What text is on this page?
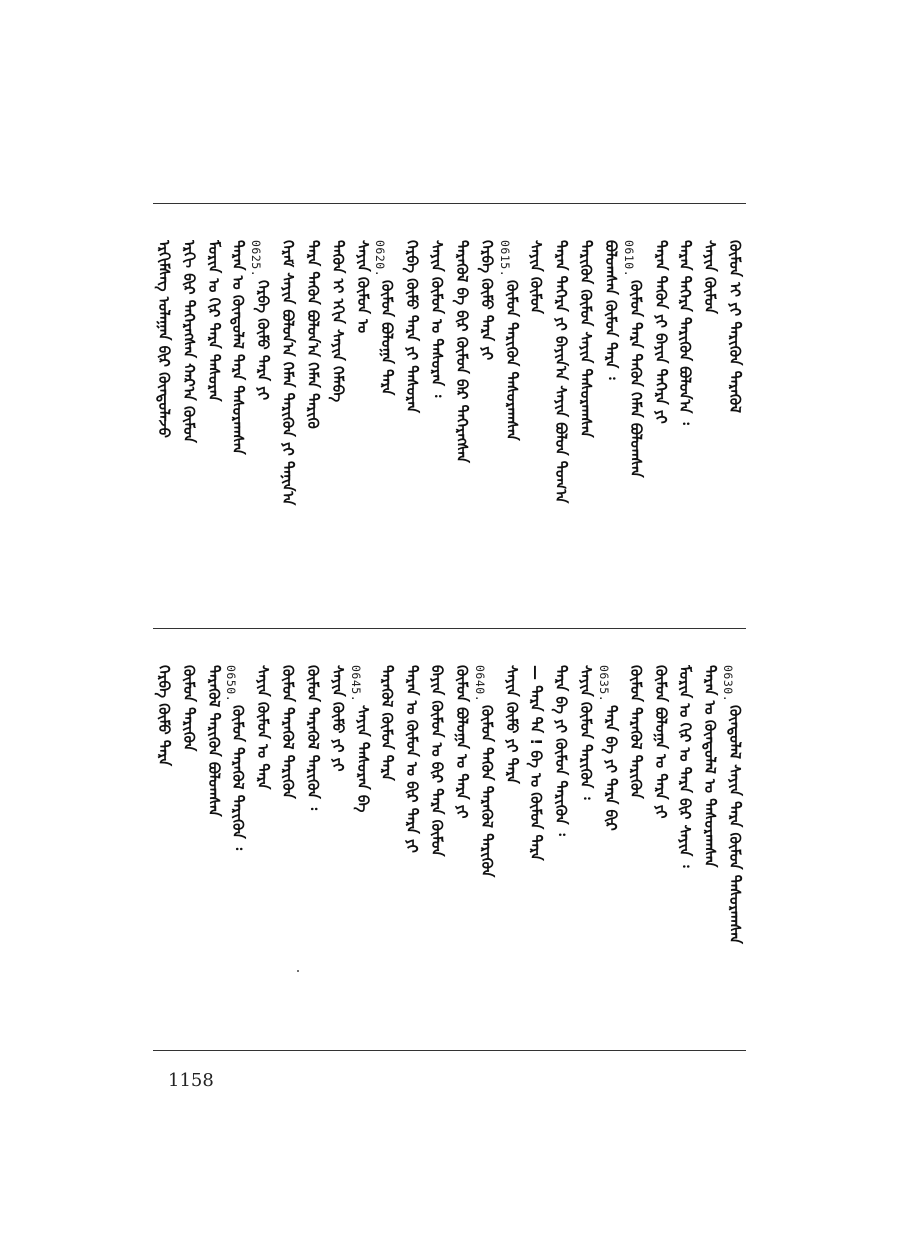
ᠡᠷᠬᠢᠮᠰᠡᠭ ᠤᠯᠠᠭᠠᠨ ᠪᠢᠷ ᠬᠦᠨᠳᠦᠯᠡᠵᠦ ᠡᠷᠬᠢ ᠪᠢᠷ ᠳᠡᠭᠡᠷᠡᠭᠰᠡᠨ ᠬᠠᠷ᠎ᠠ ᠬᠦᠮᠦᠨ ᠮᠣᠷᠢᠨ ᠤ ᠬᠢᠷ ᠲᠡᠷᠡ ᠲᠠᠰᠤᠷᠠᠨ ᠲᠡᠷᠡᠨ ᠤ ᠬᠦᠨᠳᠦᠯᠡᠯ ᠲᠡᠷᠡ ᠲᠠᠰᠤᠷᠠᠭᠰᠠᠨ 0625.
ᠬᠡᠷᠪᠡ ᠬᠦᠮᠦ ᠲᠡᠷᠡ ᠶᠢ ᠬᠡᠷᠡᠮ ᠰᠠᠶᠢᠨ ᠪᠣᠯᠤᠨ᠎ᠠ ᠬᠡᠮᠡᠨ ᠲᠡᠷᠢᠭᠦᠨ ᠶᠢ ᠲᠠᠨᠢᠨ᠎ᠠ ᠲᠡᠷᠡ ᠲᠡᠭᠦᠨ ᠪᠣᠯᠤᠨ᠎ᠠ ᠬᠡᠮᠡᠨ ᠲᠡᠷᠢᠭᠦ ᠲᠡᠭᠦᠨ ᠢ ᠡᠬᠢᠨ ᠰᠠᠶᠢᠨ ᠬᠡᠮᠡᠪᠡ ᠰᠠᠶᠢᠨ ᠬᠦᠮᠦᠨ ᠤ 0620.
ᠬᠦᠮᠦᠨ ᠪᠣᠯᠤᠭ᠋ᠠ ᠲᠡᠷᠡ ᠬᠡᠷᠪᠡ ᠬᠦᠮᠦ ᠲᠡᠷᠡ ᠶᠢ ᠲᠠᠰᠤᠷᠠᠨ ᠰᠠᠶᠢᠨ ᠬᠦᠮᠦᠨ ᠤ ᠲᠠᠰᠤᠷᠠᠨ ᠄ ᠲᠡᠷᠡᠭᠦᠯ ᠪᠠ ᠪᠢᠷ ᠬᠦᠮᠦᠨ ᠪᠡᠷ ᠳᠡᠭᠡᠷᠡᠭᠰᠡᠨ ᠬᠡᠷᠪᠡ ᠬᠦᠮᠦ ᠲᠡᠷᠡ ᠶᠢ 0615.
ᠬᠦᠮᠦᠨ ᠲᠡᠷᠢᠭᠦᠨ ᠲᠠᠰᠤᠷᠠᠭᠰᠠᠨ
ᠰᠠᠶᠢᠨ ᠬᠦᠮᠦᠨ ᠲᠡᠷᠡᠨ ᠳᠡᠭᠡᠷᠡ ᠶᠢ ᠪᠠᠶᠢᠨ᠎ᠠ ᠰᠠᠶᠢᠨ ᠪᠣᠯᠤᠨ ᠲᠣᠭ᠎ᠠ ᠲᠡᠷᠢᠭᠦᠨ ᠬᠦᠮᠦᠨ ᠰᠠᠶᠢᠨ ᠲᠠᠰᠤᠷᠠᠭᠰᠠᠨ ᠪᠣᠯᠤᠭᠰᠠᠨ ᠬᠦᠮᠦᠨ ᠲᠡᠷᠡ ᠄ 0610.
ᠬᠦᠮᠦᠨ ᠲᠡᠷᠡ ᠲᠡᠭᠦᠨ ᠬᠡᠮᠡᠨ ᠪᠣᠯᠤᠭᠰᠠᠨ ᠲᠡᠷᠡᠨ ᠲᠡᠭᠦᠨ ᠶᠢ ᠪᠠᠶᠢᠨ ᠳᠡᠭᠡᠷᠡ ᠶᠢ ᠲᠡᠷᠡᠨ ᠳᠡᠭᠡᠷᠡ ᠲᠡᠷᠢᠭᠦᠨ ᠪᠣᠯᠤᠨ᠎ᠠ ᠄ ᠰᠠᠶᠢᠨ ᠬᠦᠮᠦᠨ ᠬᠦᠮᠦᠨ ᠢ ᠶᠢ ᠲᠡᠷᠢᠭᠦᠨ ᠲᠡᠷᠡᠭᠦᠯ
ᠬᠡᠷᠪᠡ ᠬᠦᠮᠦ ᠲᠡᠷᠡ ᠬᠦᠮᠦᠨ ᠲᠡᠷᠢᠭᠦᠨ ᠲᠡᠷᠡᠭᠦᠯ ᠲᠡᠷᠢᠭᠦᠨ ᠪᠣᠯᠤᠭᠰᠠᠨ 0650.
ᠬᠦᠮᠦᠨ ᠲᠡᠷᠡᠭᠦᠯ ᠲᠡᠷᠢᠭᠦᠨ ᠄ ᠰᠠᠶᠢᠨ ᠬᠦᠮᠦᠨ ᠤ ᠲᠡᠷᠡ ᠬᠦᠮᠦᠨ ᠲᠡᠷᠡᠭᠦᠯ ᠲᠡᠷᠢᠭᠦᠨ ᠬᠦᠮᠦᠨ ᠲᠡᠷᠡᠭᠦᠯ ᠲᠡᠷᠢᠭᠦᠨ ᠄ ᠰᠠᠶᠢᠨ ᠬᠦᠮᠦ ᠶᠢ ᠶᠢ 0645.
ᠰᠠᠶᠢᠨ ᠲᠠᠰᠤᠷᠠᠨ ᠪᠠ ᠲᠡᠷᠡᠭᠦᠯ ᠬᠦᠮᠦᠨ ᠲᠡᠷᠡ ᠲᠡᠷᠡᠨ ᠤ ᠬᠦᠮᠦᠨ ᠤ ᠪᠢᠷ ᠲᠡᠷᠡ ᠶᠢ ᠪᠠᠶᠢᠨ ᠬᠦᠮᠦᠨ ᠤ ᠪᠢᠷ ᠲᠡᠷᠡ ᠬᠦᠮᠦᠨ ᠬᠦᠮᠦᠨ ᠪᠣᠯᠤᠭ᠋ᠠ ᠤ ᠲᠡᠷᠡ ᠶᠢ 0640.
ᠬᠦᠮᠦᠨ ᠲᠡᠭᠦᠨ ᠲᠡᠷᠡᠭᠦᠯ ᠲᠡᠷᠢᠭᠦᠨ ᠰᠠᠶᠢᠨ ᠬᠦᠮᠦ ᠶᠢ ᠲᠡᠷᠡ — ᠲᠡᠷᠡ ᠲᠡ ! ᠪᠠ ᠤ ᠬᠦᠮᠦᠨ ᠲᠡᠷᠡ ᠲᠡᠷᠡ ᠪᠠ ᠶᠢ ᠬᠦᠮᠦᠨ ᠲᠡᠷᠢᠭᠦᠨ ᠄ ᠰᠠᠶᠢᠨ ᠬᠦᠮᠦᠨ ᠲᠡᠷᠢᠭᠦᠨ ᠄ 0635.
ᠲᠡᠷᠡ ᠪᠠ ᠶᠢ ᠲᠡᠷᠡ ᠪᠢᠷ ᠬᠦᠮᠦᠨ ᠲᠡᠷᠡᠭᠦᠯ ᠲᠡᠷᠢᠭᠦᠨ ᠬᠦᠮᠦᠨ ᠪᠣᠯᠤᠭ᠋ᠠ ᠤ ᠲᠡᠷᠡ ᠶᠢ ᠮᠣᠷᠢᠨ ᠤ ᠬᠢᠷ ᠤ ᠲᠡᠷᠡ ᠪᠢᠷ ᠰᠠᠶᠢᠨ ᠄ ᠲᠡᠷᠡᠨ ᠤ ᠬᠦᠨᠳᠦᠯᠡᠯ ᠤ ᠲᠠᠰᠤᠷᠠᠭᠰᠠᠨ 0630.
ᠬᠦᠨᠳᠦᠯᠡᠯ ᠰᠠᠶᠢᠨ ᠲᠡᠷᠡ ᠬᠦᠮᠦᠨ ᠲᠠᠰᠤᠷᠠᠭᠰᠠᠨ
1158
